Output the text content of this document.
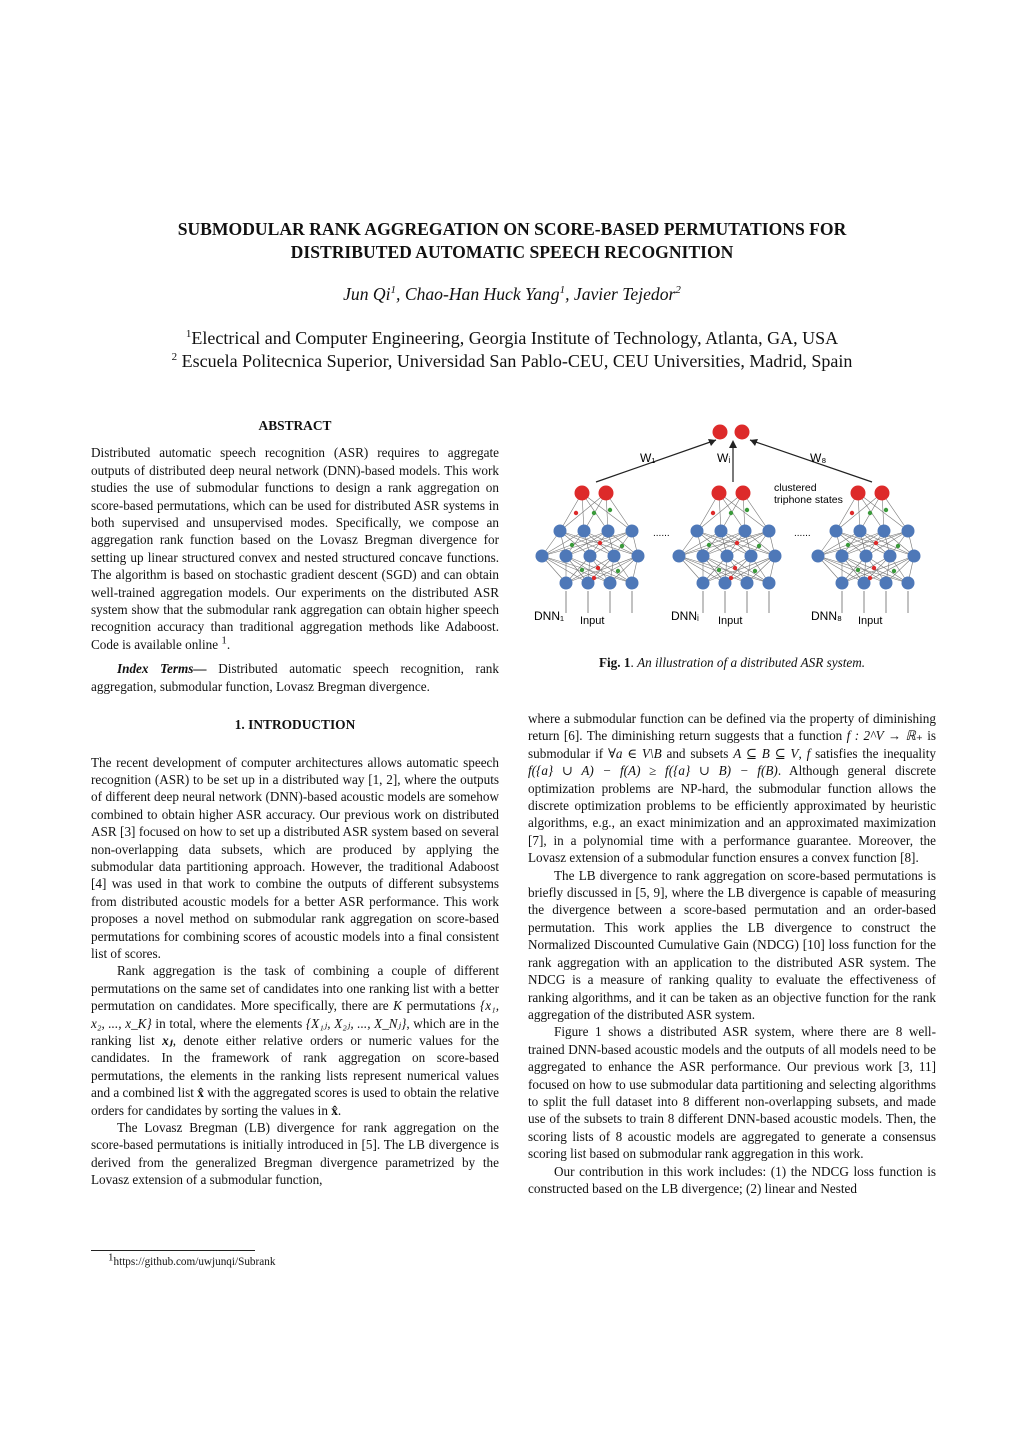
SUBMODULAR RANK AGGREGATION ON SCORE-BASED PERMUTATIONS FOR
DISTRIBUTED AUTOMATIC SPEECH RECOGNITION
Jun Qi$^1$, Chao-Han Huck Yang$^1$, Javier Tejedor$^2$
$^1$Electrical and Computer Engineering, Georgia Institute of Technology, Atlanta, GA, USA
$^2$ Escuela Politecnica Superior, Universidad San Pablo-CEU, CEU Universities, Madrid, Spain

ABSTRACT

Distributed automatic speech recognition (ASR) requires to aggregate outputs of distributed deep neural network (DNN)-based models. This work studies the use of submodular functions to design a rank aggregation on score-based permutations, which can be used for distributed ASR systems in both supervised and unsupervised modes. Specifically, we compose an aggregation rank function based on the Lovasz Bregman divergence for setting up linear structured convex and nested structured concave functions. The algorithm is based on stochastic gradient descent (SGD) and can obtain well-trained aggregation models. Our experiments on the distributed ASR system show that the submodular rank aggregation can obtain higher speech recognition accuracy than traditional aggregation methods like Adaboost. Code is available online $^1$.

Index Terms— Distributed automatic speech recognition, rank aggregation, submodular function, Lovasz Bregman divergence.

1. INTRODUCTION

The recent development of computer architectures allows automatic speech recognition (ASR) to be set up in a distributed way [1, 2], where the outputs of different deep neural network (DNN)-based acoustic models are somehow combined to obtain higher ASR accuracy. Our previous work on distributed ASR [3] focused on how to set up a distributed ASR system based on several non-overlapping data subsets, which are produced by applying the submodular data partitioning approach. However, the traditional Adaboost [4] was used in that work to combine the outputs of different subsystems from distributed acoustic models for a better ASR performance. This work proposes a novel method on submodular rank aggregation on score-based permutations for combining scores of acoustic models into a final consistent list of scores.

Rank aggregation is the task of combining a couple of different permutations on the same set of candidates into one ranking list with a better permutation on candidates. More specifically, there are K permutations {x₁, x₂, ..., x_K} in total, where the elements {X₁ⱼ, X₂ⱼ, ..., X_Nⱼ}, which are in the ranking list xⱼ, denote either relative orders or numeric values for the candidates. In the framework of rank aggregation on score-based permutations, the elements in the ranking lists represent numerical values and a combined list x̂ with the aggregated scores is used to obtain the relative orders for candidates by sorting the values in x̂.

The Lovasz Bregman (LB) divergence for rank aggregation on the score-based permutations is initially introduced in [5]. The LB divergence is derived from the generalized Bregman divergence parametrized by the Lovasz extension of a submodular function,

$^1$https://github.com/uwjunqi/Subrank
W₁	Wᵢ	W₈
clustered
triphone states
......	......
DNN₁ Input	DNNᵢ Input	DNN₈ Input
Fig. 1. An illustration of a distributed ASR system.

where a submodular function can be defined via the property of diminishing return [6]. The diminishing return suggests that a function f : 2^V → ℝ₊ is submodular if ∀a ∈ V\B and subsets A ⊆ B ⊆ V, f satisfies the inequality f({a} ∪ A) − f(A) ≥ f({a} ∪ B) − f(B). Although general discrete optimization problems are NP-hard, the submodular function allows the discrete optimization problems to be efficiently approximated by heuristic algorithms, e.g., an exact minimization and an approximated maximization [7], in a polynomial time with a performance guarantee. Moreover, the Lovasz extension of a submodular function ensures a convex function [8].

The LB divergence to rank aggregation on score-based permutations is briefly discussed in [5, 9], where the LB divergence is capable of measuring the divergence between a score-based permutation and an order-based permutation. This work applies the LB divergence to construct the Normalized Discounted Cumulative Gain (NDCG) [10] loss function for the rank aggregation with an application to the distributed ASR system. The NDCG is a measure of ranking quality to evaluate the effectiveness of ranking algorithms, and it can be taken as an objective function for the rank aggregation of the distributed ASR system.

Figure 1 shows a distributed ASR system, where there are 8 well-trained DNN-based acoustic models and the outputs of all models need to be aggregated to enhance the ASR performance. Our previous work [3, 11] focused on how to use submodular data partitioning and selecting algorithms to split the full dataset into 8 different non-overlapping subsets, and made use of the subsets to train 8 different DNN-based acoustic models. Then, the scoring lists of 8 acoustic models are aggregated to generate a consensus scoring list based on submodular rank aggregation in this work.

Our contribution in this work includes: (1) the NDCG loss function is constructed based on the LB divergence; (2) linear and Nested
